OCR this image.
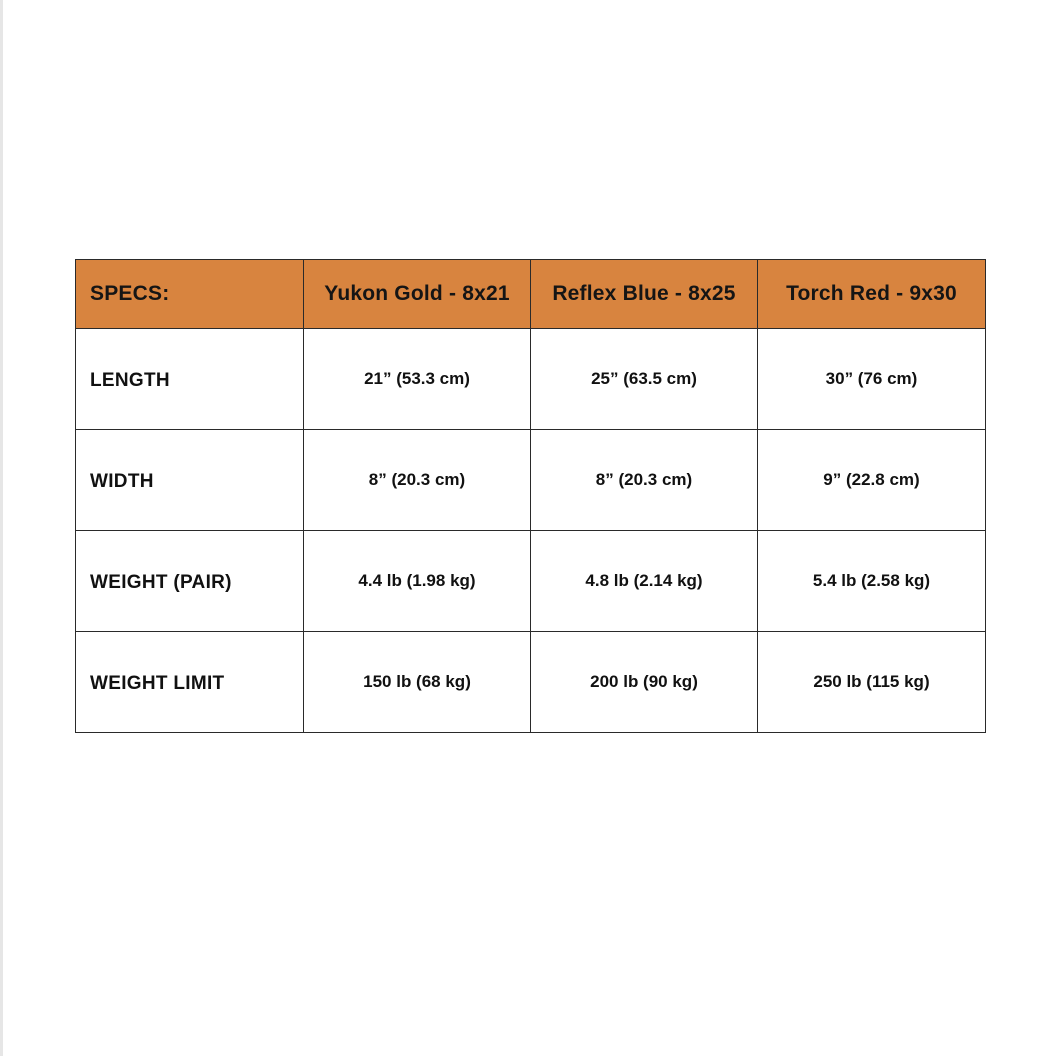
SPECS:	Yukon Gold - 8x21	Reflex Blue - 8x25	Torch Red - 9x30
LENGTH	21” (53.3 cm)	25” (63.5 cm)	30” (76 cm)
WIDTH	8” (20.3 cm)	8” (20.3 cm)	9” (22.8 cm)
WEIGHT (PAIR)	4.4 lb (1.98 kg)	4.8 lb (2.14 kg)	5.4 lb (2.58 kg)
WEIGHT LIMIT	150 lb (68 kg)	200 lb (90 kg)	250 lb (115 kg)
